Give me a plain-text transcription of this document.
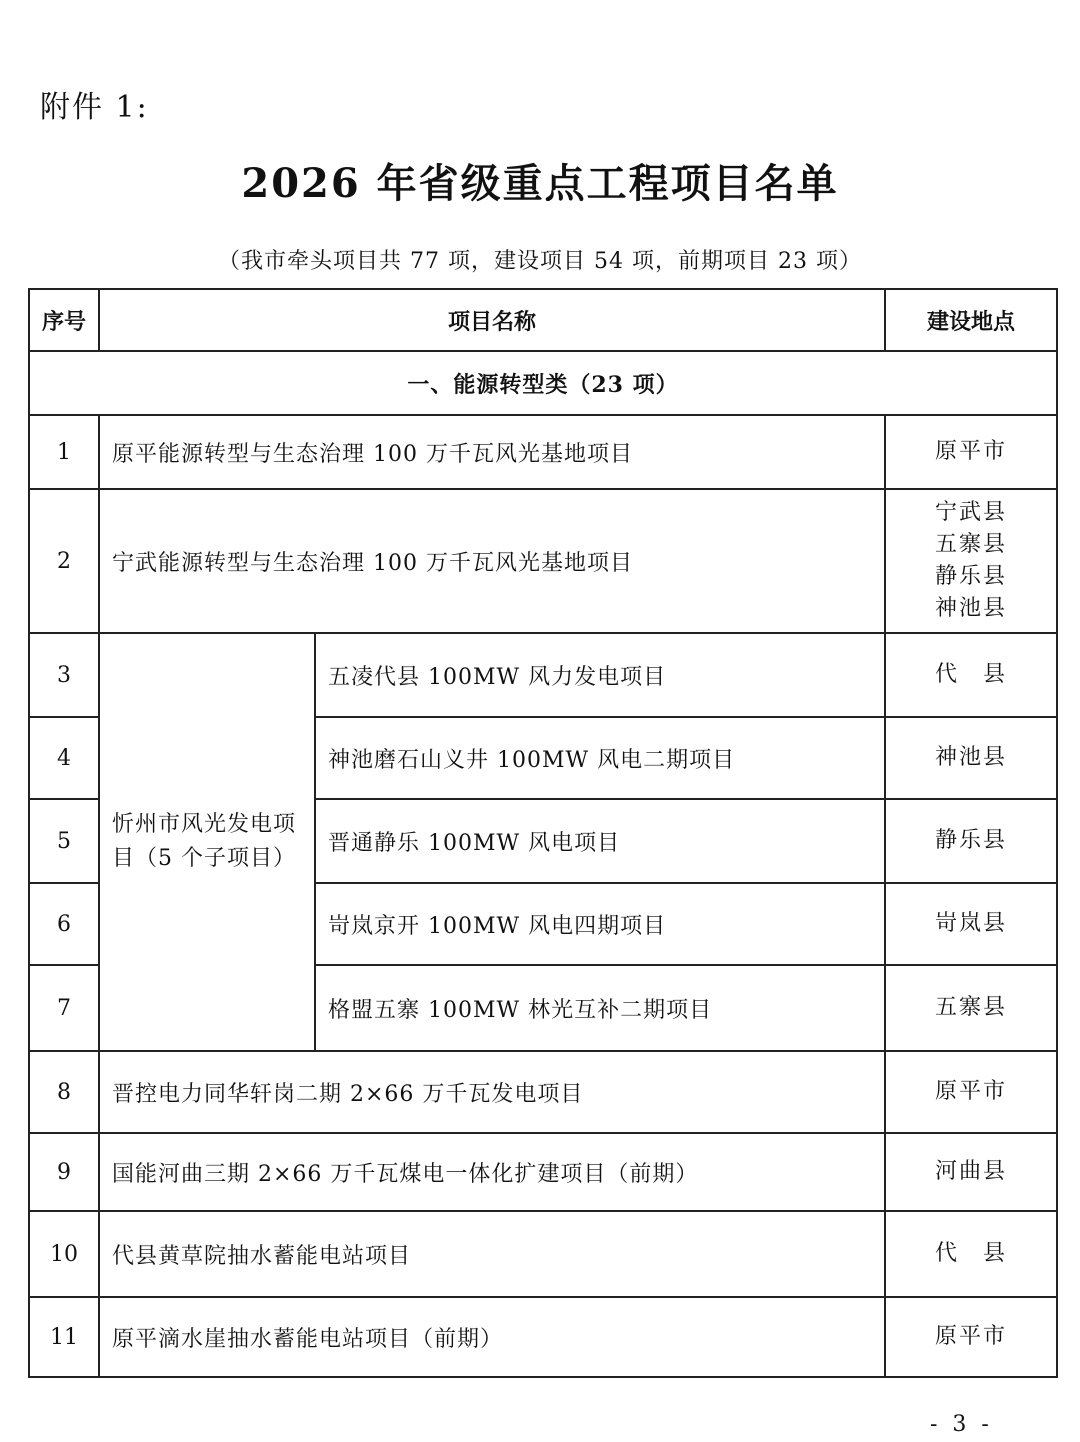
附件 1:
2026 年省级重点工程项目名单
（我市牵头项目共 77 项，建设项目 54 项，前期项目 23 项）
序号	项目名称		建设地点
一、能源转型类（23 项）			
1	原平能源转型与生态治理 100 万千瓦风光基地项目		原平市

2	宁武能源转型与生态治理 100 万千瓦风光基地项目		宁武县
五寨县
静乐县
神池县

3	忻州市风光发电项目（5 个子项目）	五凌代县 100MW 风力发电项目	代　县

4		神池磨石山义井 100MW 风电二期项目	神池县

5		晋通静乐 100MW 风电项目	静乐县

6		岢岚京开 100MW 风电四期项目	岢岚县

7		格盟五寨 100MW 林光互补二期项目	五寨县

8	晋控电力同华轩岗二期 2×66 万千瓦发电项目		原平市

9	国能河曲三期 2×66 万千瓦煤电一体化扩建项目（前期）		河曲县

10	代县黄草院抽水蓄能电站项目		代　县

11	原平滴水崖抽水蓄能电站项目（前期）		原平市
- 3 -
